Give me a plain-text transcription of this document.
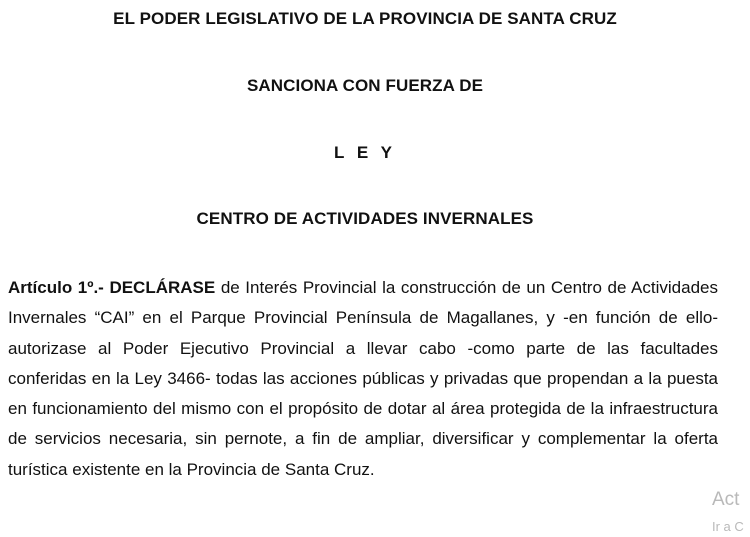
EL PODER LEGISLATIVO DE LA PROVINCIA DE SANTA CRUZ
SANCIONA CON FUERZA DE
L E Y
CENTRO DE ACTIVIDADES INVERNALES
Artículo 1º.- DECLÁRASE de Interés Provincial la construcción de un Centro de Actividades Invernales “CAI” en el Parque Provincial Península de Magallanes, y -en función de ello- autorizase al Poder Ejecutivo Provincial a llevar cabo -como parte de las facultades conferidas en la Ley 3466- todas las acciones públicas y privadas que propendan a la puesta en funcionamiento del mismo con el propósito de dotar al área protegida de la infraestructura de servicios necesaria, sin pernote, a fin de ampliar, diversificar y complementar la oferta turística existente en la Provincia de Santa Cruz.
Act
Ir a C
